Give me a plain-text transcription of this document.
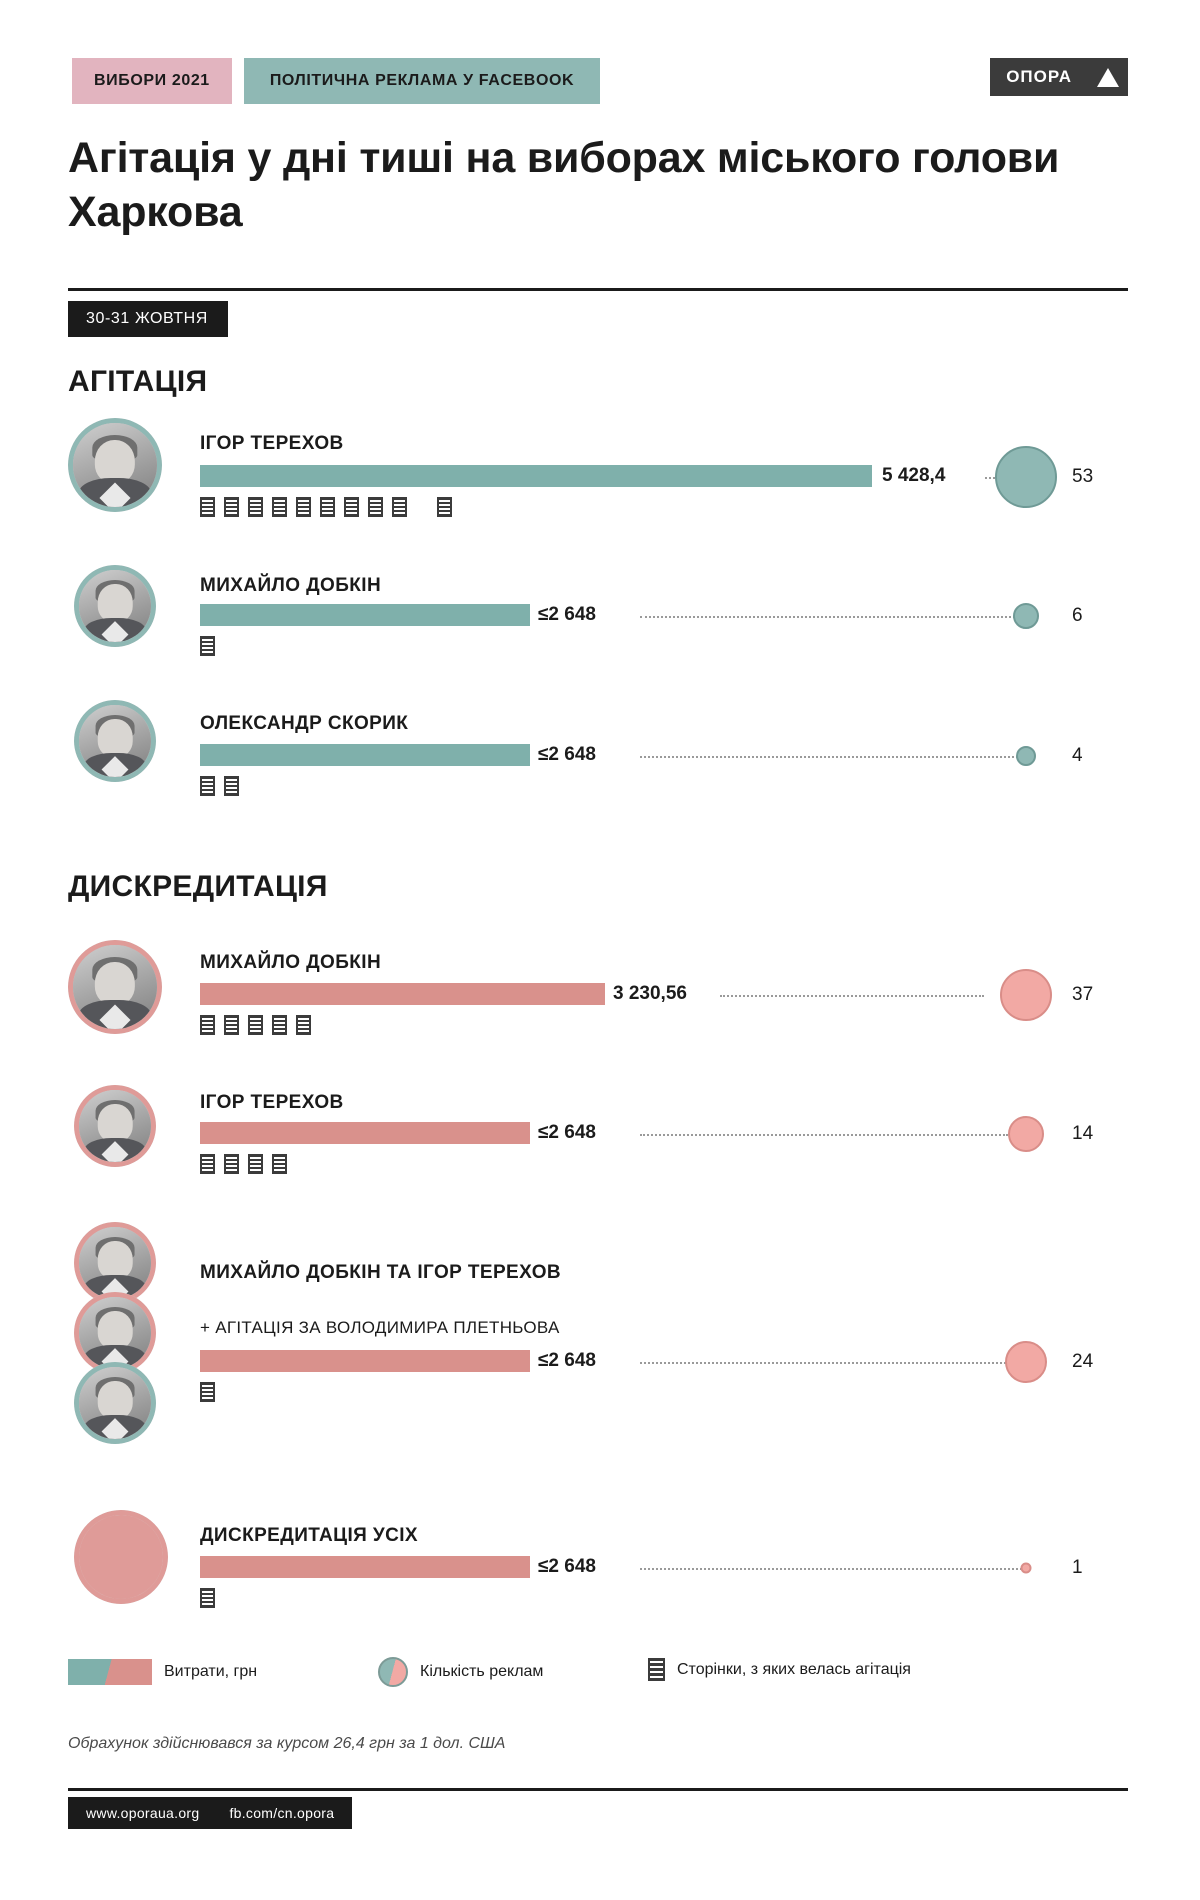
ВИБОРИ 2021	ПОЛІТИЧНА РЕКЛАМА У FACEBOOK	ОПОРА
Агітація у дні тиші на виборах міського голови Харкова
30-31 ЖОВТНЯ
АГІТАЦІЯ
ІГОР ТЕРЕХОВ
5 428,4	53
МИХАЙЛО ДОБКІН
≤2 648	6
ОЛЕКСАНДР СКОРИК
≤2 648	4
ДИСКРЕДИТАЦІЯ
МИХАЙЛО ДОБКІН
3 230,56	37
ІГОР ТЕРЕХОВ
≤2 648	14
МИХАЙЛО ДОБКІН ТА ІГОР ТЕРЕХОВ
+ АГІТАЦІЯ ЗА ВОЛОДИМИРА ПЛЕТНЬОВА
≤2 648	24
ДИСКРЕДИТАЦІЯ УСІХ
≤2 648	1
Витрати, грн	Кількість реклам	Сторінки, з яких велась агітація
Обрахунок здійснювався за курсом 26,4 грн за 1 дол. США
www.oporaua.org fb.com/cn.opora
